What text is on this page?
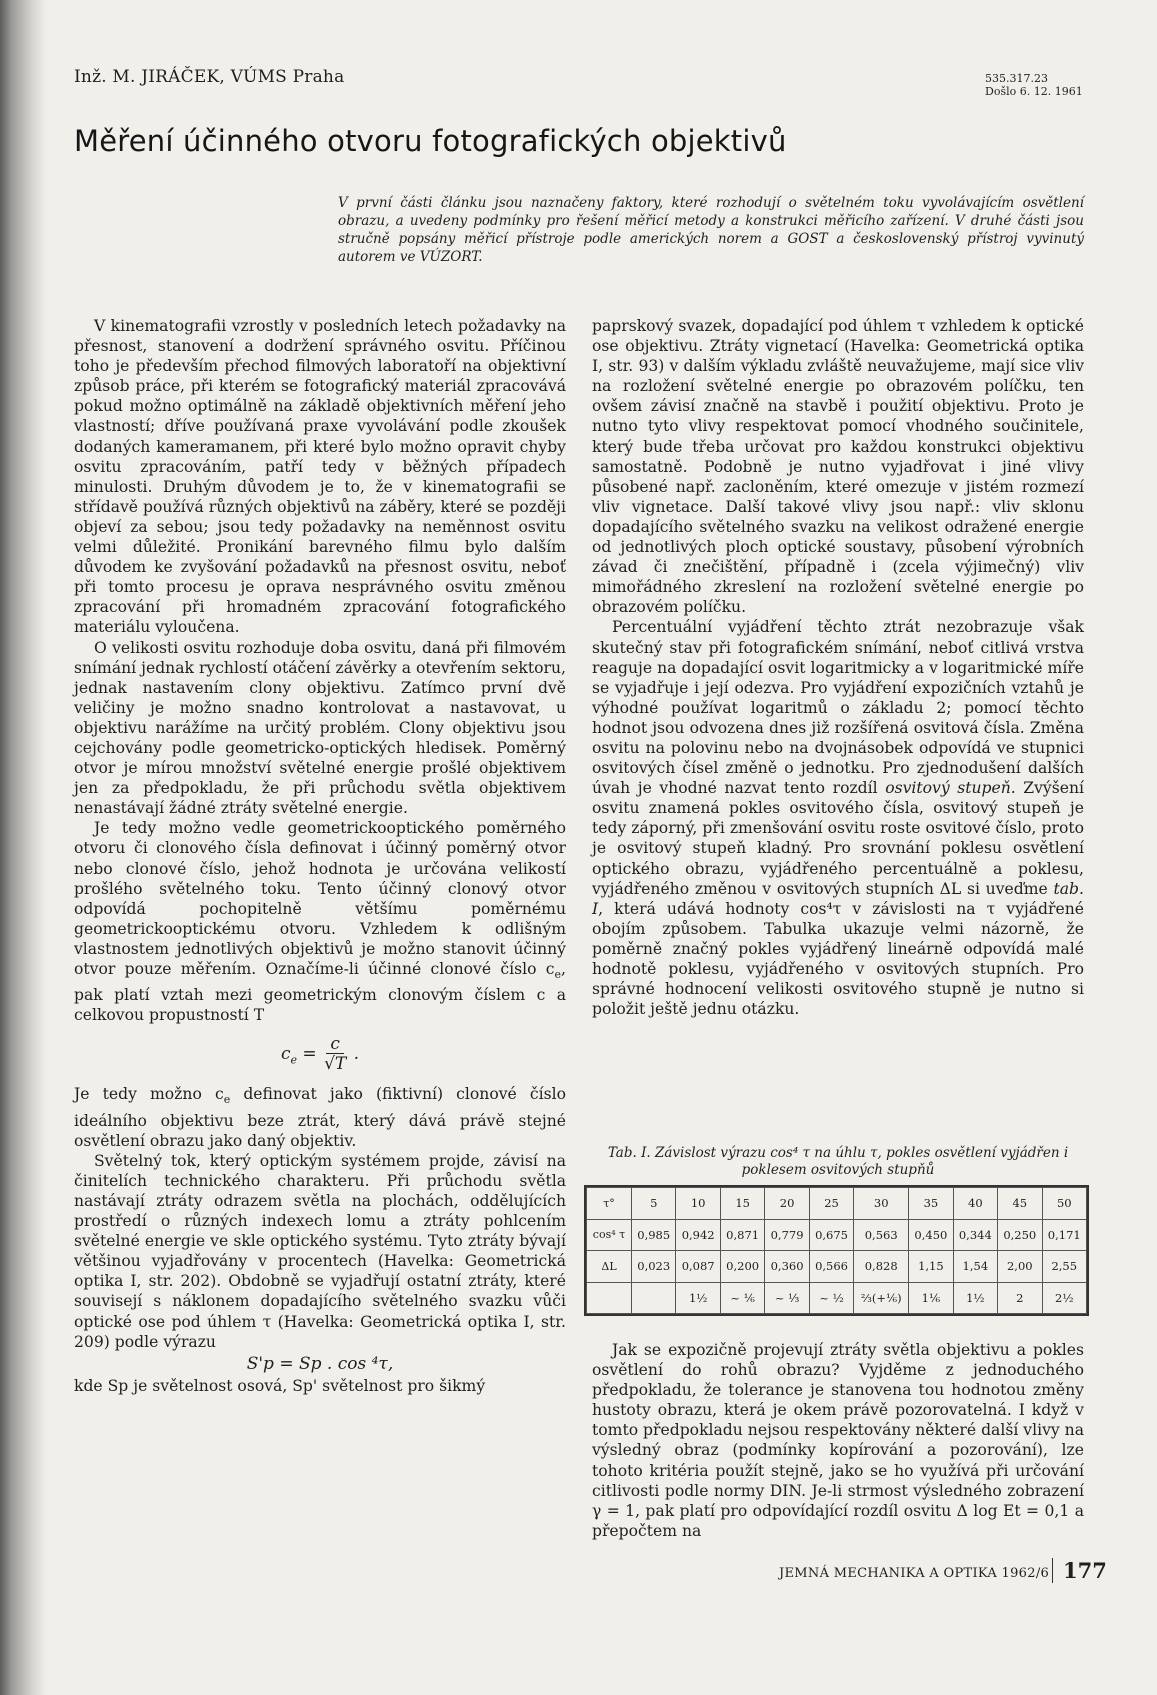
Inž. M. JIRÁČEK, VÚMS Praha	535.317.23
Došlo 6. 12. 1961
Měření účinného otvoru fotografických objektivů
V první části článku jsou naznačeny faktory, které rozhodují o světelném toku vyvolávajícím osvětlení obrazu, a uvedeny podmínky pro řešení měřicí metody a konstrukci měřicího zařízení. V druhé části jsou stručně popsány měřicí přístroje podle amerických norem a GOST a československý přístroj vyvinutý autorem ve VÚZORT.

V kinematografii vzrostly v posledních letech požadavky na přesnost, stanovení a dodržení správného osvitu. Příčinou toho je především přechod filmových laboratoří na objektivní způsob práce, při kterém se fotografický materiál zpracovává pokud možno optimálně na základě objektivních měření jeho vlastností; dříve používaná praxe vyvolávání podle zkoušek dodaných kameramanem, při které bylo možno opravit chyby osvitu zpracováním, patří tedy v běžných případech minulosti. Druhým důvodem je to, že v kinematografii se střídavě používá různých objektivů na záběry, které se později objeví za sebou; jsou tedy požadavky na neměnnost osvitu velmi důležité. Pronikání barevného filmu bylo dalším důvodem ke zvyšování požadavků na přesnost osvitu, neboť při tomto procesu je oprava nesprávného osvitu změnou zpracování při hromadném zpracování fotografického materiálu vyloučena.

O velikosti osvitu rozhoduje doba osvitu, daná při filmovém snímání jednak rychlostí otáčení závěrky a otevřením sektoru, jednak nastavením clony objektivu. Zatímco první dvě veličiny je možno snadno kontrolovat a nastavovat, u objektivu narážíme na určitý problém. Clony objektivu jsou cejchovány podle geometricko-optických hledisek. Poměrný otvor je mírou množství světelné energie prošlé objektivem jen za předpokladu, že při průchodu světla objektivem nenastávají žádné ztráty světelné energie.

Je tedy možno vedle geometrickooptického poměrného otvoru či clonového čísla definovat i účinný poměrný otvor nebo clonové číslo, jehož hodnota je určována velikostí prošlého světelného toku. Tento účinný clonový otvor odpovídá pochopitelně většímu poměrnému geometrickooptickému otvoru. Vzhledem k odlišným vlastnostem jednotlivých objektivů je možno stanovit účinný otvor pouze měřením. Označíme-li účinné clonové číslo $c_e$, pak platí vztah mezi geometrickým clonovým číslem c a celkovou propustností T

$c_e = \frac{c}{√T}$ .

Je tedy možno $c_e$ definovat jako (fiktivní) clonové číslo ideálního objektivu beze ztrát, který dává právě stejné osvětlení obrazu jako daný objektiv.

Světelný tok, který optickým systémem projde, závisí na činitelích technického charakteru. Při průchodu světla nastávají ztráty odrazem světla na plochách, oddělujících prostředí o různých indexech lomu a ztráty pohlcením světelné energie ve skle optického systému. Tyto ztráty bývají většinou vyjadřovány v procentech (Havelka: Geometrická optika I, str. 202). Obdobně se vyjadřují ostatní ztráty, které souvisejí s náklonem dopadajícího světelného svazku vůči optické ose pod úhlem τ (Havelka: Geometrická optika I, str. 209) podle výrazu

S'p = Sp . cos ⁴τ,

kde Sp je světelnost osová, Sp' světelnost pro šikmý

paprskový svazek, dopadající pod úhlem τ vzhledem k optické ose objektivu. Ztráty vignetací (Havelka: Geometrická optika I, str. 93) v dalším výkladu zvláště neuvažujeme, mají sice vliv na rozložení světelné energie po obrazovém políčku, ten ovšem závisí značně na stavbě i použití objektivu. Proto je nutno tyto vlivy respektovat pomocí vhodného součinitele, který bude třeba určovat pro každou konstrukci objektivu samostatně. Podobně je nutno vyjadřovat i jiné vlivy působené např. zacloněním, které omezuje v jistém rozmezí vliv vignetace. Další takové vlivy jsou např.: vliv sklonu dopadajícího světelného svazku na velikost odražené energie od jednotlivých ploch optické soustavy, působení výrobních závad či znečištění, případně i (zcela výjimečný) vliv mimořádného zkreslení na rozložení světelné energie po obrazovém políčku.

Percentuální vyjádření těchto ztrát nezobrazuje však skutečný stav při fotografickém snímání, neboť citlivá vrstva reaguje na dopadající osvit logaritmicky a v logaritmické míře se vyjadřuje i její odezva. Pro vyjádření expozičních vztahů je výhodné používat logaritmů o základu 2; pomocí těchto hodnot jsou odvozena dnes již rozšířená osvitová čísla. Změna osvitu na polovinu nebo na dvojnásobek odpovídá ve stupnici osvitových čísel změně o jednotku. Pro zjednodušení dalších úvah je vhodné nazvat tento rozdíl osvitový stupeň. Zvýšení osvitu znamená pokles osvitového čísla, osvitový stupeň je tedy záporný, při zmenšování osvitu roste osvitové číslo, proto je osvitový stupeň kladný. Pro srovnání poklesu osvětlení optického obrazu, vyjádřeného percentuálně a poklesu, vyjádřeného změnou v osvitových stupních ΔL si uveďme tab. I, která udává hodnoty cos⁴τ v závislosti na τ vyjádřené obojím způsobem. Tabulka ukazuje velmi názorně, že poměrně značný pokles vyjádřený lineárně odpovídá malé hodnotě poklesu, vyjádřeného v osvitových stupních. Pro správné hodnocení velikosti osvitového stupně je nutno si položit ještě jednu otázku.

Tab. I. Závislost výrazu cos⁴ τ na úhlu τ, pokles osvětlení vyjádřen i poklesem osvitových stupňů
τ°	5	10	15	20	25	30	35	40	45	50
cos⁴ τ	0,985	0,942	0,871	0,779	0,675	0,563	0,450	0,344	0,250	0,171
ΔL	0,023	0,087	0,200	0,360	0,566	0,828	1,15	1,54	2,00	2,55
		1½	~ ⅙	~ ⅓	~ ½	⅔(+⅙)	1⅙	1½	2	2½

Jak se expozičně projevují ztráty světla objektivu a pokles osvětlení do rohů obrazu? Vyjděme z jednoduchého předpokladu, že tolerance je stanovena tou hodnotou změny hustoty obrazu, která je okem právě pozorovatelná. I když v tomto předpokladu nejsou respektovány některé další vlivy na výsledný obraz (podmínky kopírování a pozorování), lze tohoto kritéria použít stejně, jako se ho využívá při určování citlivosti podle normy DIN. Je-li strmost výsledného zobrazení γ = 1, pak platí pro odpovídající rozdíl osvitu Δ log Et = 0,1 a přepočtem na

JEMNÁ MECHANIKA A OPTIKA 1962/6 177
